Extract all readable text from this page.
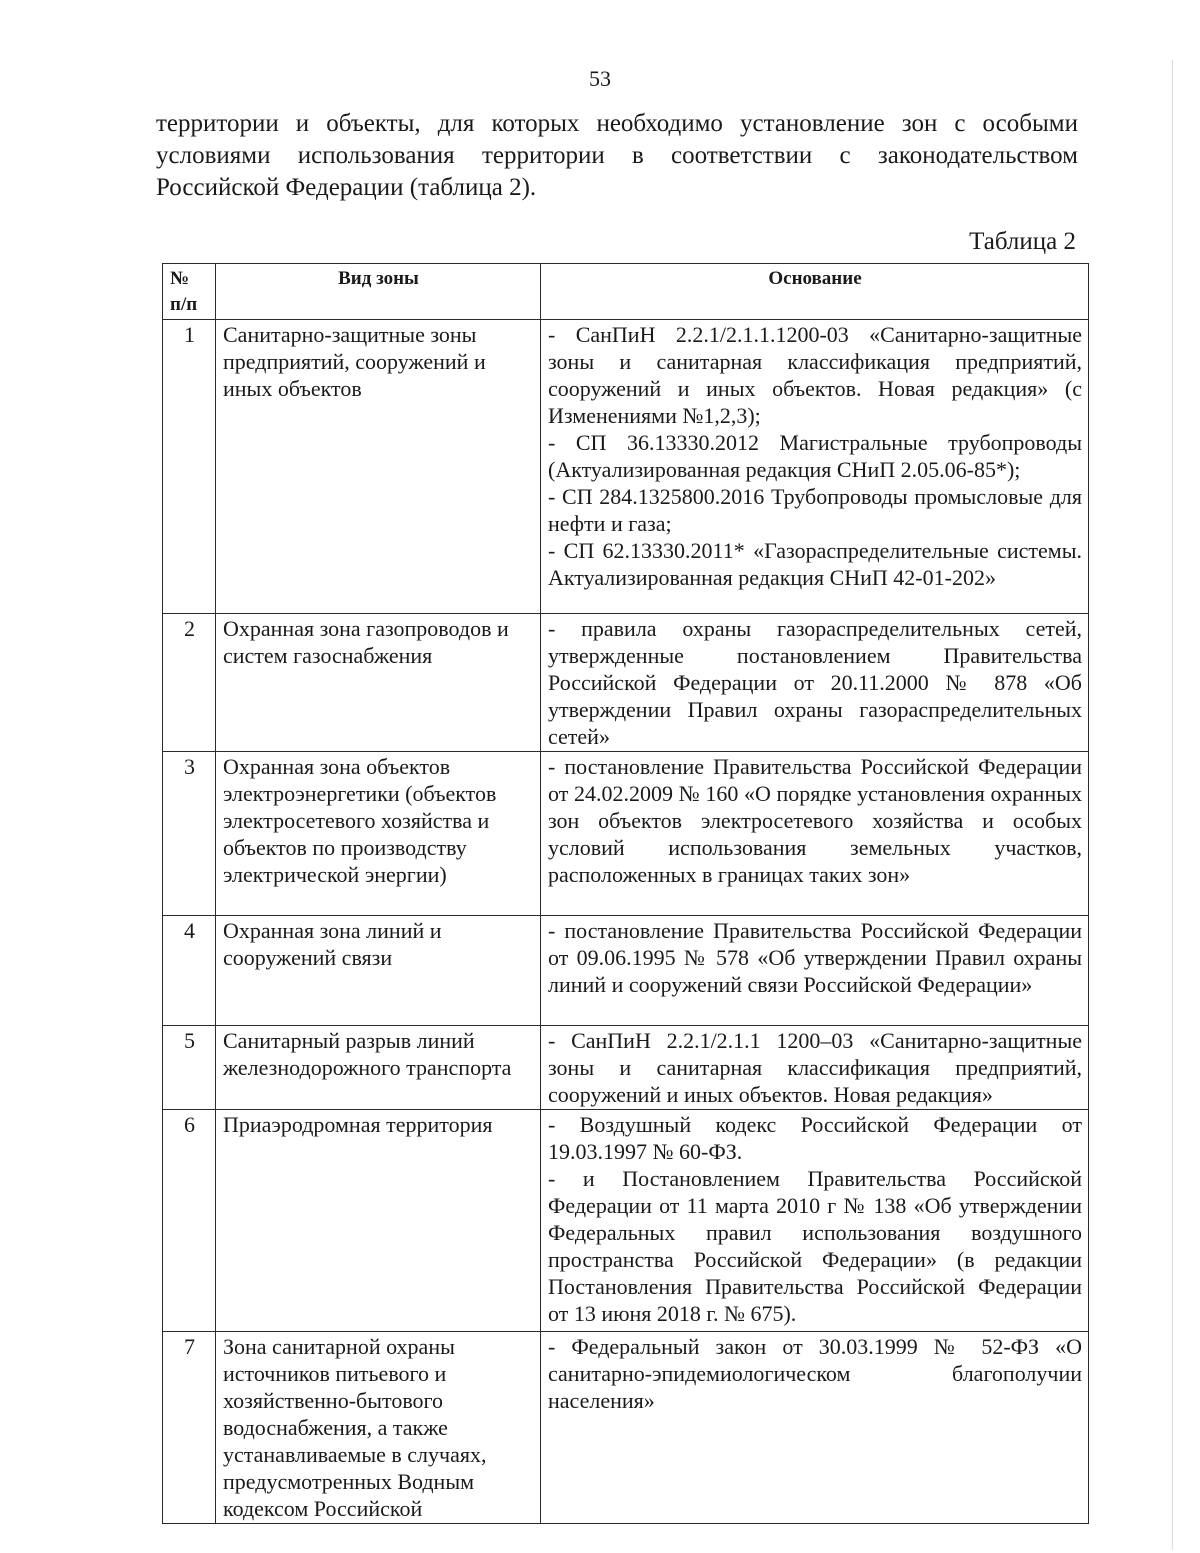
53
территории и объекты, для которых необходимо установление зон с особыми условиями использования территории в соответствии с законодательством Российской Федерации (таблица 2).
Таблица 2
№ п/п	Вид зоны	Основание
1	Санитарно-защитные зоны предприятий, сооружений и иных объектов	- СанПиН 2.2.1/2.1.1.1200-03 «Санитарно-защитные зоны и санитарная классификация предприятий, сооружений и иных объектов. Новая редакция» (с Изменениями №1,2,3);
- СП 36.13330.2012 Магистральные трубопроводы (Актуализированная редакция СНиП 2.05.06-85*);
- СП 284.1325800.2016 Трубопроводы промысловые для нефти и газа;
- СП 62.13330.2011* «Газораспределительные системы. Актуализированная редакция СНиП 42-01-202»

2	Охранная зона газопроводов и систем газоснабжения	- правила охраны газораспределительных сетей, утвержденные постановлением Правительства Российской Федерации от 20.11.2000 № 878 «Об утверждении Правил охраны газораспределительных сетей»

3	Охранная зона объектов электроэнергетики (объектов электросетевого хозяйства и объектов по производству электрической энергии)	- постановление Правительства Российской Федерации от 24.02.2009 № 160 «О порядке установления охранных зон объектов электросетевого хозяйства и особых условий использования земельных участков, расположенных в границах таких зон»

4	Охранная зона линий и сооружений связи	- постановление Правительства Российской Федерации от 09.06.1995 № 578 «Об утверждении Правил охраны линий и сооружений связи Российской Федерации»

5	Санитарный разрыв линий железнодорожного транспорта	- СанПиН 2.2.1/2.1.1 1200–03 «Санитарно-защитные зоны и санитарная классификация предприятий, сооружений и иных объектов. Новая редакция»

6	Приаэродромная территория	- Воздушный кодекс Российской Федерации от 19.03.1997 № 60-ФЗ.
- и Постановлением Правительства Российской Федерации от 11 марта 2010 г № 138 «Об утверждении Федеральных правил использования воздушного пространства Российской Федерации» (в редакции Постановления Правительства Российской Федерации от 13 июня 2018 г. № 675).

7	Зона санитарной охраны источников питьевого и хозяйственно-бытового водоснабжения, а также устанавливаемые в случаях, предусмотренных Водным кодексом Российской	- Федеральный закон от 30.03.1999 № 52-ФЗ «О санитарно-эпидемиологическом благополучии населения»
